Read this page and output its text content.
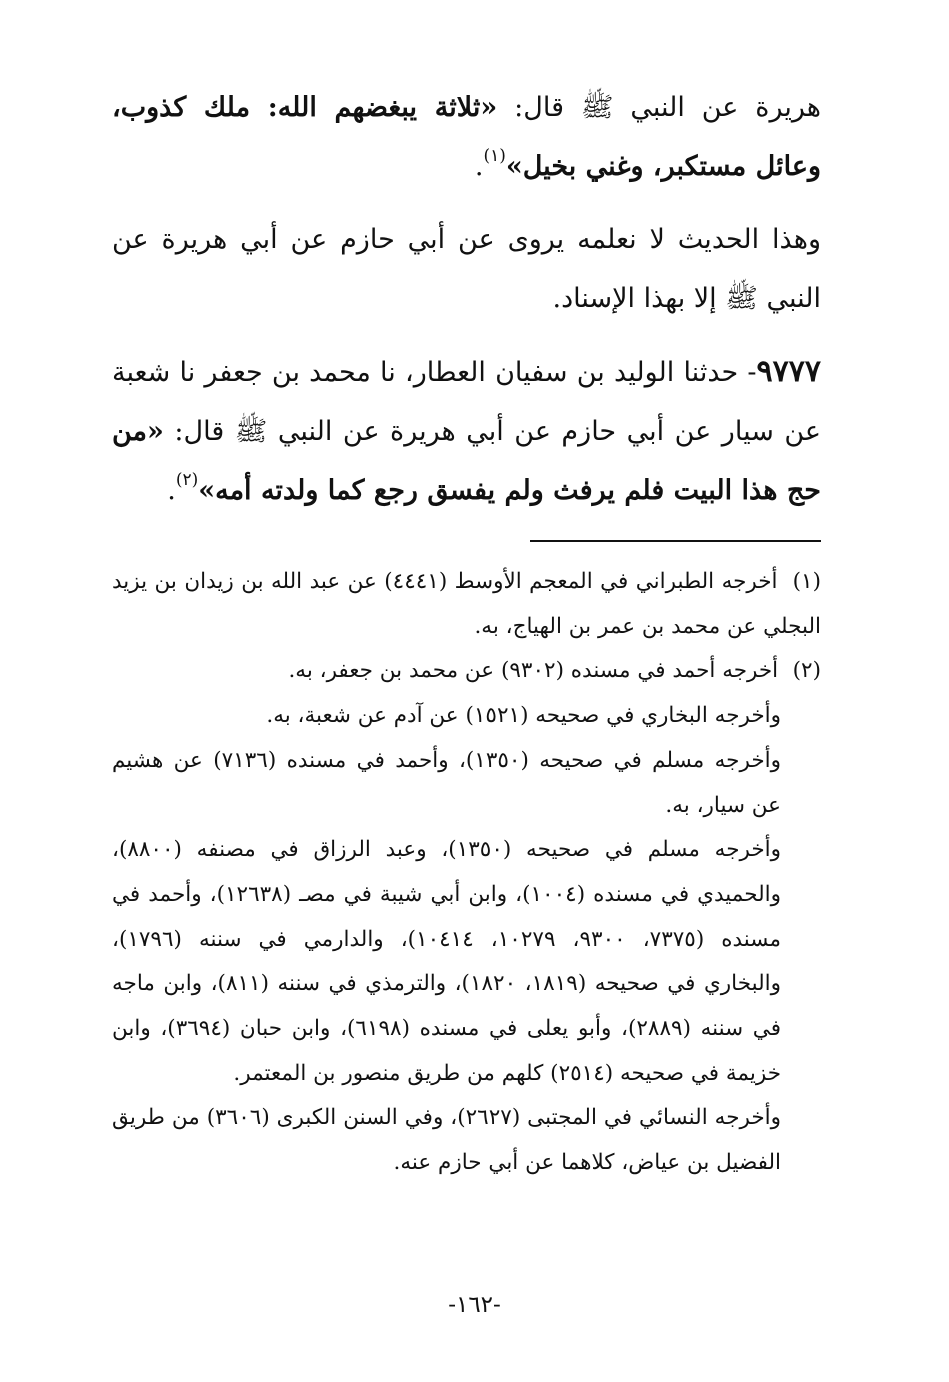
هريرة عن النبي ﷺ قال: «ثلاثة يبغضهم الله: ملك كذوب، وعائل مستكبر، وغني بخيل»$^{(١)}$.

وهذا الحديث لا نعلمه يروى عن أبي حازم عن أبي هريرة عن النبي ﷺ إلا بهذا الإسناد.

٩٧٧٧- حدثنا الوليد بن سفيان العطار، نا محمد بن جعفر نا شعبة عن سيار عن أبي حازم عن أبي هريرة عن النبي ﷺ قال: «من حج هذا البيت فلم يرفث ولم يفسق رجع كما ولدته أمه»$^{(٢)}$.

(١) أخرجه الطبراني في المعجم الأوسط (٤٤٤١) عن عبد الله بن زيدان بن يزيد البجلي عن محمد بن عمر بن الهياج، به.

(٢) أخرجه أحمد في مسنده (٩٣٠٢) عن محمد بن جعفر، به.

وأخرجه البخاري في صحيحه (١٥٢١) عن آدم عن شعبة، به.

وأخرجه مسلم في صحيحه (١٣٥٠)، وأحمد في مسنده (٧١٣٦) عن هشيم عن سيار، به.

وأخرجه مسلم في صحيحه (١٣٥٠)، وعبد الرزاق في مصنفه (٨٨٠٠)، والحميدي في مسنده (١٠٠٤)، وابن أبي شيبة في مصـ (١٢٦٣٨)، وأحمد في مسنده (٧٣٧٥، ٩٣٠٠، ١٠٢٧٩، ١٠٤١٤)، والدارمي في سننه (١٧٩٦)، والبخاري في صحيحه (١٨١٩، ١٨٢٠)، والترمذي في سننه (٨١١)، وابن ماجه في سننه (٢٨٨٩)، وأبو يعلى في مسنده (٦١٩٨)، وابن حبان (٣٦٩٤)، وابن خزيمة في صحيحه (٢٥١٤) كلهم من طريق منصور بن المعتمر.

وأخرجه النسائي في المجتبى (٢٦٢٧)، وفي السنن الكبرى (٣٦٠٦) من طريق الفضيل بن عياض، كلاهما عن أبي حازم عنه.

-١٦٢-
